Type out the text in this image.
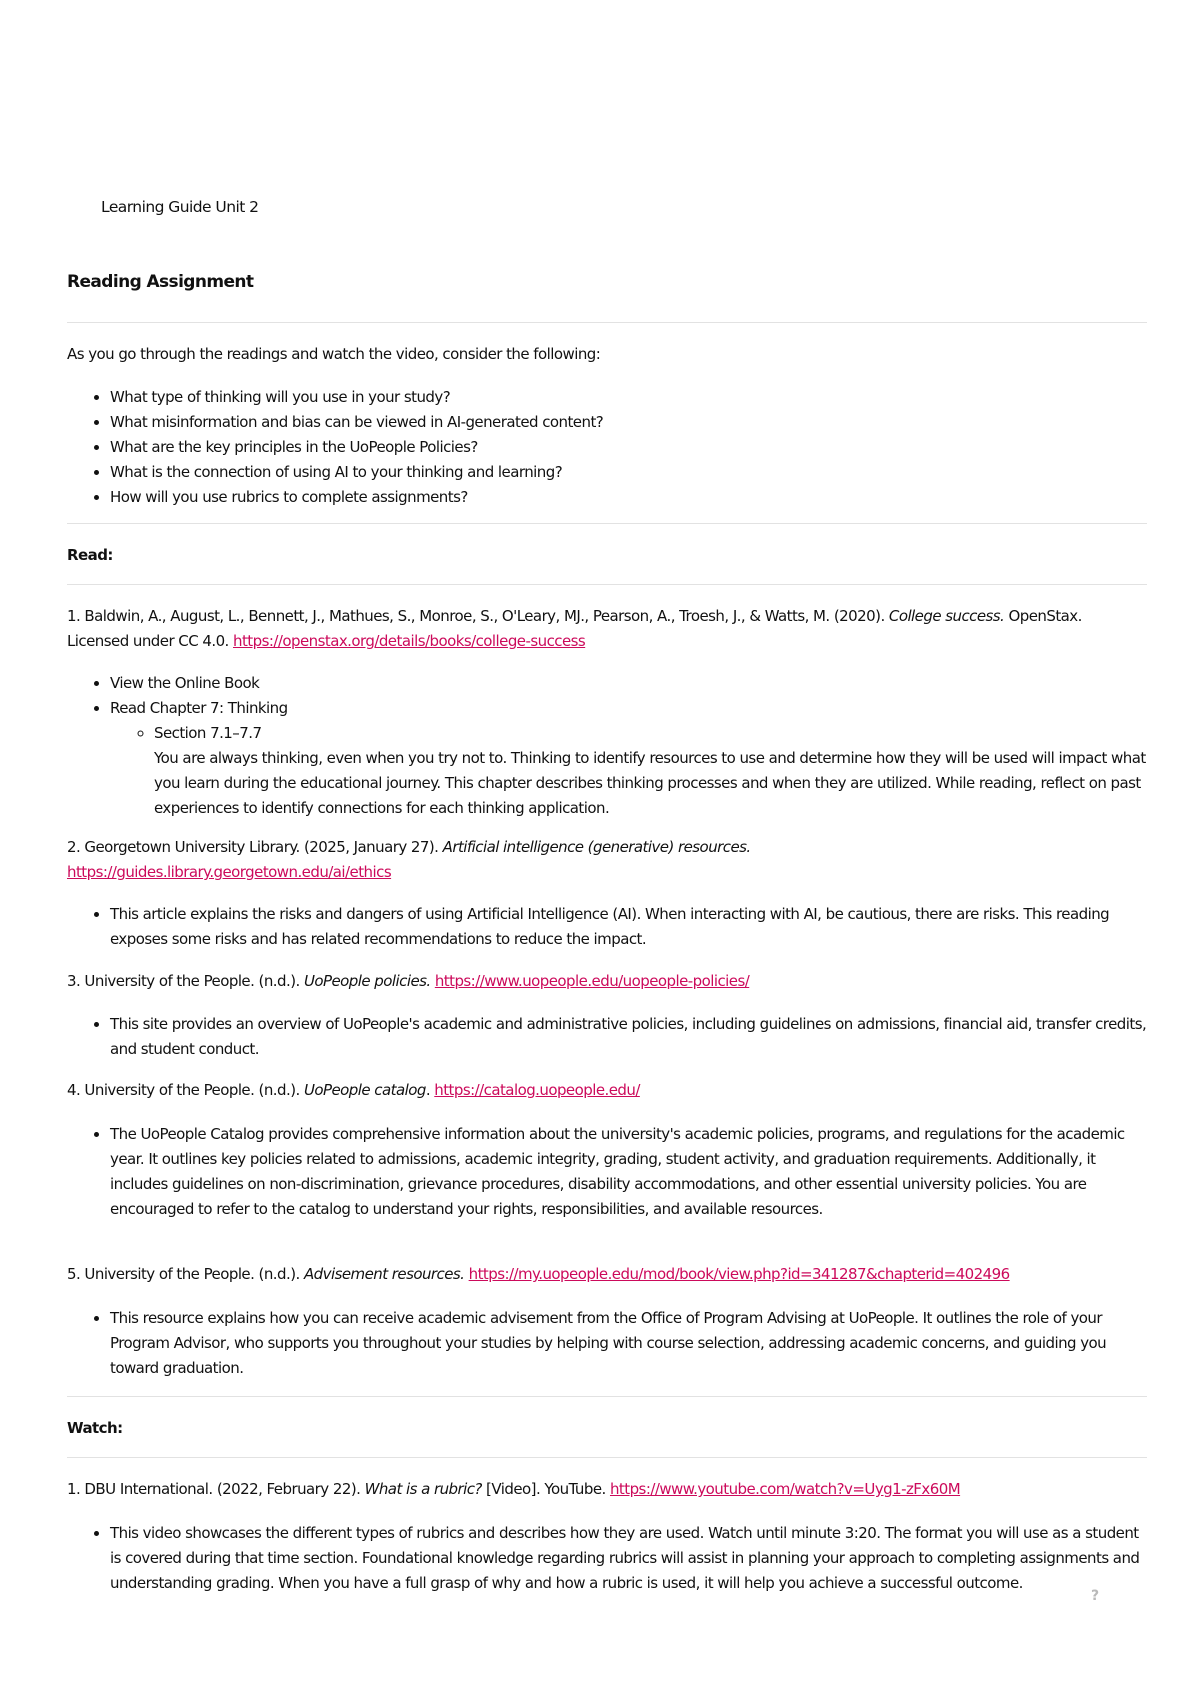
Learning Guide Unit 2
Reading Assignment
As you go through the readings and watch the video, consider the following:
• What type of thinking will you use in your study?
• What misinformation and bias can be viewed in AI-generated content?
• What are the key principles in the UoPeople Policies?
• What is the connection of using AI to your thinking and learning?
• How will you use rubrics to complete assignments?
Read:
1. Baldwin, A., August, L., Bennett, J., Mathues, S., Monroe, S., O'Leary, MJ., Pearson, A., Troesh, J., & Watts, M. (2020). College success. OpenStax. Licensed under CC 4.0. https://openstax.org/details/books/college-success
• View the Online Book
• Read Chapter 7: Thinking
◦ Section 7.1–7.7
You are always thinking, even when you try not to. Thinking to identify resources to use and determine how they will be used will impact what you learn during the educational journey. This chapter describes thinking processes and when they are utilized. While reading, reflect on past experiences to identify connections for each thinking application.
2. Georgetown University Library. (2025, January 27). Artificial intelligence (generative) resources.
https://guides.library.georgetown.edu/ai/ethics
• This article explains the risks and dangers of using Artificial Intelligence (AI). When interacting with AI, be cautious, there are risks. This reading exposes some risks and has related recommendations to reduce the impact.
3. University of the People. (n.d.). UoPeople policies. https://www.uopeople.edu/uopeople-policies/
• This site provides an overview of UoPeople's academic and administrative policies, including guidelines on admissions, financial aid, transfer credits, and student conduct.
4. University of the People. (n.d.). UoPeople catalog. https://catalog.uopeople.edu/
• The UoPeople Catalog provides comprehensive information about the university's academic policies, programs, and regulations for the academic year. It outlines key policies related to admissions, academic integrity, grading, student activity, and graduation requirements. Additionally, it includes guidelines on non-discrimination, grievance procedures, disability accommodations, and other essential university policies. You are encouraged to refer to the catalog to understand your rights, responsibilities, and available resources.
5. University of the People. (n.d.). Advisement resources. https://my.uopeople.edu/mod/book/view.php?id=341287&chapterid=402496
• This resource explains how you can receive academic advisement from the Office of Program Advising at UoPeople. It outlines the role of your Program Advisor, who supports you throughout your studies by helping with course selection, addressing academic concerns, and guiding you toward graduation.
Watch:
1. DBU International. (2022, February 22). What is a rubric? [Video]. YouTube. https://www.youtube.com/watch?v=Uyg1-zFx60M
• This video showcases the different types of rubrics and describes how they are used. Watch until minute 3:20. The format you will use as a student is covered during that time section. Foundational knowledge regarding rubrics will assist in planning your approach to completing assignments and understanding grading. When you have a full grasp of why and how a rubric is used, it will help you achieve a successful outcome.
?
